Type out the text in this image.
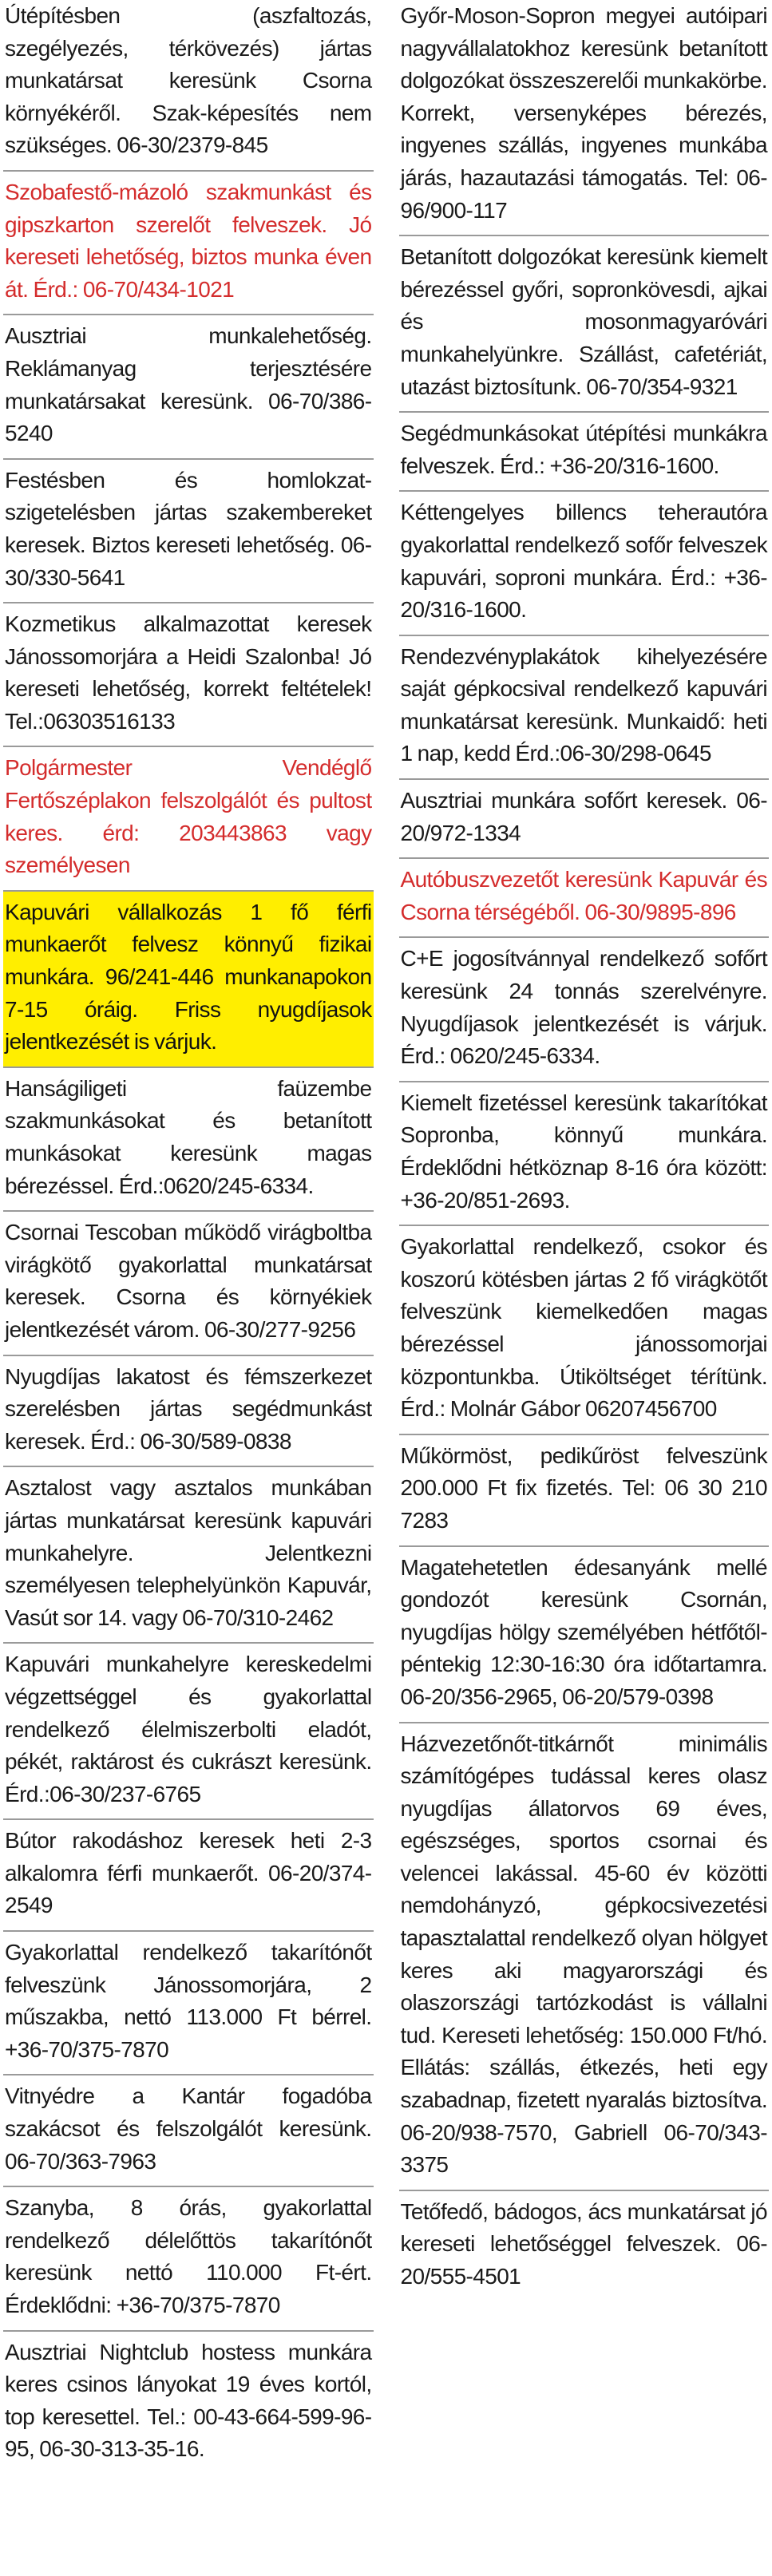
Útépítésben (aszfaltozás, szegélyezés, térkövezés) jártas munkatársat keresünk Csorna környékéről. Szak-képesítés nem szükséges. 06-30/2379-845
Szobafestő-mázoló szakmunkást és gipszkarton szerelőt felveszek. Jó kereseti lehetőség, biztos munka éven át. Érd.: 06-70/434-1021
Ausztriai munkalehetőség. Reklámanyag terjesztésére munkatársakat keresünk. 06-70/386-5240
Festésben és homlokzat-szigetelésben jártas szakembereket keresek. Biztos kereseti lehetőség. 06-30/330-5641
Kozmetikus alkalmazottat keresek Jánossomorjára a Heidi Szalonba! Jó kereseti lehetőség, korrekt feltételek! Tel.:06303516133
Polgármester Vendéglő Fertőszéplakon felszolgálót és pultost keres. érd: 203443863 vagy személyesen
Kapuvári vállalkozás 1 fő férfi munkaerőt felvesz könnyű fizikai munkára. 96/241-446 munkanapokon 7-15 óráig. Friss nyugdíjasok jelentkezését is várjuk.
Hanságiligeti faüzembe szakmunkásokat és betanított munkásokat keresünk magas bérezéssel. Érd.:0620/245-6334.
Csornai Tescoban működő virágboltba virágkötő gyakorlattal munkatársat keresek. Csorna és környékiek jelentkezését várom. 06-30/277-9256
Nyugdíjas lakatost és fémszerkezet szerelésben jártas segédmunkást keresek. Érd.: 06-30/589-0838
Asztalost vagy asztalos munkában jártas munkatársat keresünk kapuvári munkahelyre. Jelentkezni személyesen telephelyünkön Kapuvár, Vasút sor 14. vagy 06-70/310-2462
Kapuvári munkahelyre kereskedelmi végzettséggel és gyakorlattal rendelkező élelmiszerbolti eladót, pékét, raktárost és cukrászt keresünk. Érd.:06-30/237-6765
Bútor rakodáshoz keresek heti 2-3 alkalomra férfi munkaerőt. 06-20/374-2549
Gyakorlattal rendelkező takarítónőt felveszünk Jánossomorjára, 2 műszakba, nettó 113.000 Ft bérrel. +36-70/375-7870
Vitnyédre a Kantár fogadóba szakácsot és felszolgálót keresünk. 06-70/363-7963
Szanyba, 8 órás, gyakorlattal rendelkező délelőttös takarítónőt keresünk nettó 110.000 Ft-ért. Érdeklődni: +36-70/375-7870
Ausztriai Nightclub hostess munkára keres csinos lányokat 19 éves kortól, top keresettel. Tel.: 00-43-664-599-96-95, 06-30-313-35-16.
Győr-Moson-Sopron megyei autóipari nagyvállalatokhoz keresünk betanított dolgozókat összeszerelői munkakörbe. Korrekt, versenyképes bérezés, ingyenes szállás, ingyenes munkába járás, hazautazási támogatás. Tel: 06-96/900-117
Betanított dolgozókat keresünk kiemelt bérezéssel győri, sopronkövesdi, ajkai és mosonmagyaróvári munkahelyünkre. Szállást, cafetériát, utazást biztosítunk. 06-70/354-9321
Segédmunkásokat útépítési munkákra felveszek. Érd.: +36-20/316-1600.
Kéttengelyes billencs teherautóra gyakorlattal rendelkező sofőr felveszek kapuvári, soproni munkára. Érd.: +36-20/316-1600.
Rendezvényplakátok kihelyezésére saját gépkocsival rendelkező kapuvári munkatársat keresünk. Munkaidő: heti 1 nap, kedd Érd.:06-30/298-0645
Ausztriai munkára sofőrt keresek. 06-20/972-1334
Autóbuszvezetőt keresünk Kapuvár és Csorna térségéből. 06-30/9895-896
C+E jogosítvánnyal rendelkező sofőrt keresünk 24 tonnás szerelvényre. Nyugdíjasok jelentkezését is várjuk. Érd.: 0620/245-6334.
Kiemelt fizetéssel keresünk takarítókat Sopronba, könnyű munkára. Érdeklődni hétköznap 8-16 óra között: +36-20/851-2693.
Gyakorlattal rendelkező, csokor és koszorú kötésben jártas 2 fő virágkötőt felveszünk kiemelkedően magas bérezéssel jánossomorjai központunkba. Útiköltséget térítünk. Érd.: Molnár Gábor 06207456700
Műkörmöst, pedikűröst felveszünk 200.000 Ft fix fizetés. Tel: 06 30 210 7283
Magatehetetlen édesanyánk mellé gondozót keresünk Csornán, nyugdíjas hölgy személyében hétfőtől-péntekig 12:30-16:30 óra időtartamra. 06-20/356-2965, 06-20/579-0398
Házvezetőnőt-titkárnőt minimális számítógépes tudással keres olasz nyugdíjas állatorvos 69 éves, egészséges, sportos csornai és velencei lakással. 45-60 év közötti nemdohányzó, gépkocsivezetési tapasztalattal rendelkező olyan hölgyet keres aki magyarországi és olaszországi tartózkodást is vállalni tud. Kereseti lehetőség: 150.000 Ft/hó. Ellátás: szállás, étkezés, heti egy szabadnap, fizetett nyaralás biztosítva. 06-20/938-7570, Gabriell 06-70/343-3375
Tetőfedő, bádogos, ács munkatársat jó kereseti lehetőséggel felveszek. 06-20/555-4501
